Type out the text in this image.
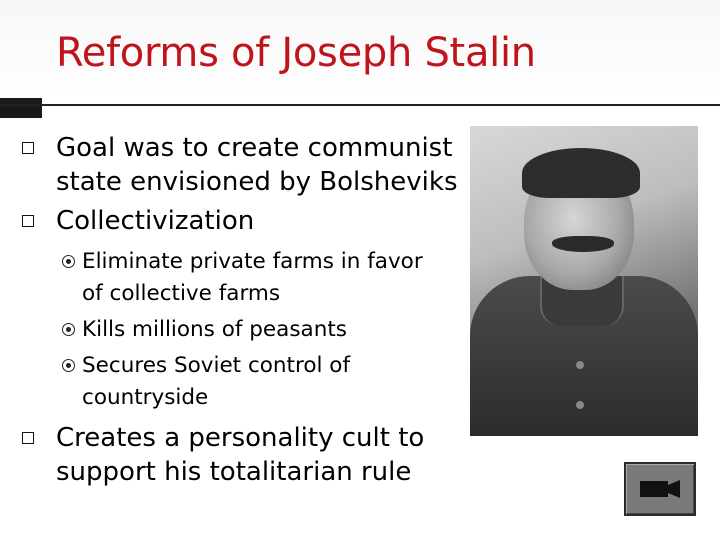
Reforms of Joseph Stalin
Goal was to create communist
state envisioned by Bolsheviks
Collectivization
Eliminate private farms in favor
of collective farms
Kills millions of peasants
Secures Soviet control of
countryside
Creates a personality cult to
support his totalitarian rule
